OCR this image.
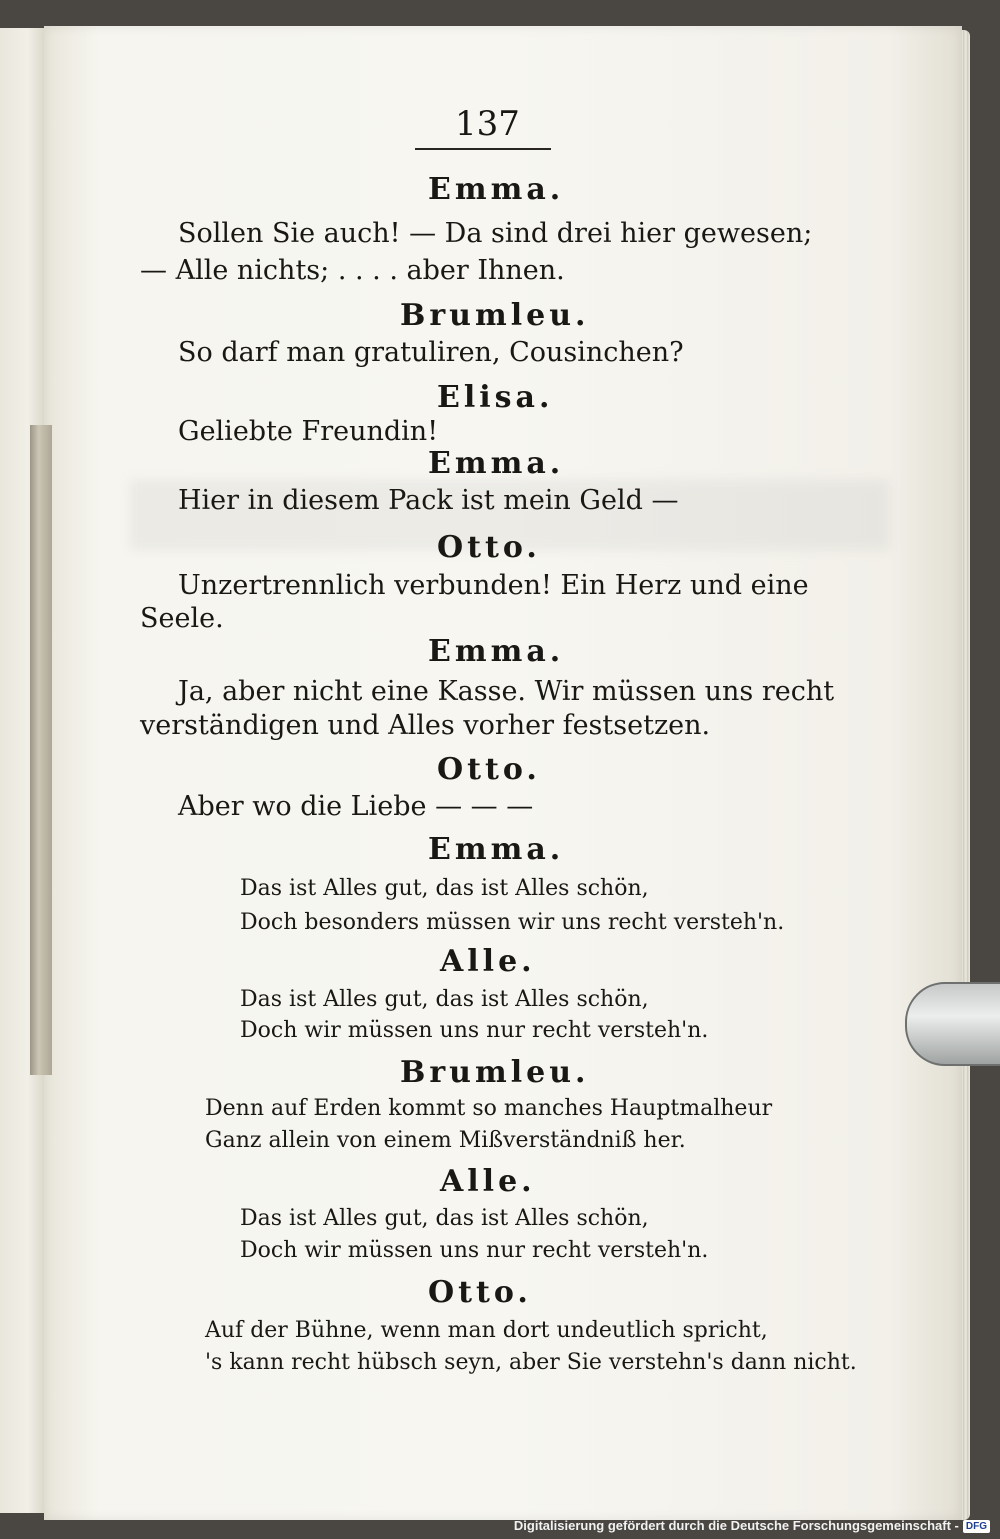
137
Emma.
Sollen Sie auch! — Da sind drei hier gewesen;
— Alle nichts; . . . . aber Ihnen.
Brumleu.
So darf man gratuliren, Cousinchen?
Elisa.
Geliebte Freundin!
Emma.
Hier in diesem Pack ist mein Geld —
Otto.
Unzertrennlich verbunden! Ein Herz und eine
Seele.
Emma.
Ja, aber nicht eine Kasse. Wir müssen uns recht
verständigen und Alles vorher festsetzen.
Otto.
Aber wo die Liebe — — —
Emma.
Das ist Alles gut, das ist Alles schön,
Doch besonders müssen wir uns recht versteh'n.
Alle.
Das ist Alles gut, das ist Alles schön,
Doch wir müssen uns nur recht versteh'n.
Brumleu.
Denn auf Erden kommt so manches Hauptmalheur
Ganz allein von einem Mißverständniß her.
Alle.
Das ist Alles gut, das ist Alles schön,
Doch wir müssen uns nur recht versteh'n.
Otto.
Auf der Bühne, wenn man dort undeutlich spricht,
's kann recht hübsch seyn, aber Sie verstehn's dann nicht.
Digitalisierung gefördert durch die Deutsche Forschungsgemeinschaft - DFG
